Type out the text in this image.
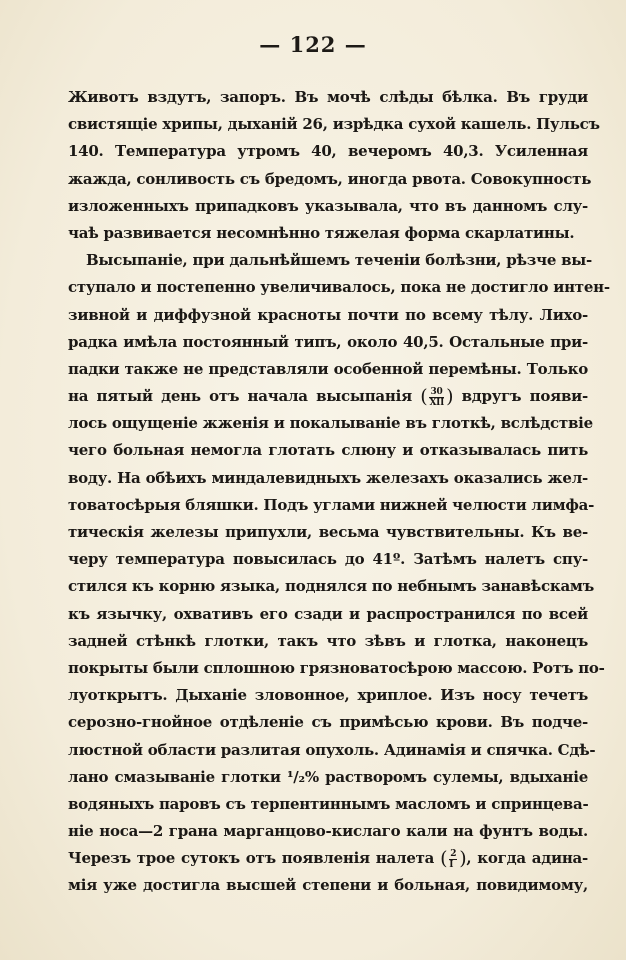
— 122 —
Животъ вздутъ, запоръ. Въ мочѣ слѣды бѣлка. Въ груди
свистящіе хрипы, дыханій 26, изрѣдка сухой кашель. Пульсъ
140. Температура утромъ 40, вечеромъ 40,3. Усиленная
жажда, сонливость съ бредомъ, иногда рвота. Совокупность
изложенныхъ припадковъ указывала, что въ данномъ слу-
чаѣ развивается несомнѣнно тяжелая форма скарлатины.
Высыпаніе, при дальнѣйшемъ теченіи болѣзни, рѣзче вы-
ступало и постепенно увеличивалось, пока не достигло интен-
зивной и диффузной красноты почти по всему тѣлу. Лихо-
радка имѣла постоянный типъ, около 40,5. Остальные при-
падки также не представляли особенной перемѣны. Только
на пятый день отъ начала высыпанія ( $\frac{30}{\text{XII}}$ ) вдругъ появи-
лось ощущеніе жженія и покалываніе въ глоткѣ, вслѣдствіе
чего больная немогла глотать слюну и отказывалась пить
воду. На обѣихъ миндалевидныхъ железахъ оказались жел-
товатосѣрыя бляшки. Подъ углами нижней челюсти лимфа-
тическія железы припухли, весьма чувствительны. Къ ве-
черу температура повысилась до 41º. Затѣмъ налетъ спу-
стился къ корню языка, поднялся по небнымъ занавѣскамъ
къ язычку, охвативъ его сзади и распространился по всей
задней стѣнкѣ глотки, такъ что зѣвъ и глотка, наконецъ
покрыты были сплошною грязноватосѣрою массою. Ротъ по-
луоткрытъ. Дыханіе зловонное, хриплое. Изъ носу течетъ
серозно-гнойное отдѣленіе съ примѣсью крови. Въ подче-
люстной области разлитая опухоль. Адинамія и спячка. Сдѣ-
лано смазываніе глотки ¹/₂% растворомъ сулемы, вдыханіе
водяныхъ паровъ съ терпентиннымъ масломъ и спринцева-
ніе носа—2 грана марганцово-кислаго кали на фунтъ воды.
Черезъ трое сутокъ отъ появленія налета ( $\frac{2}{I}$ ), когда адина-
мія уже достигла высшей степени и больная, повидимому,
